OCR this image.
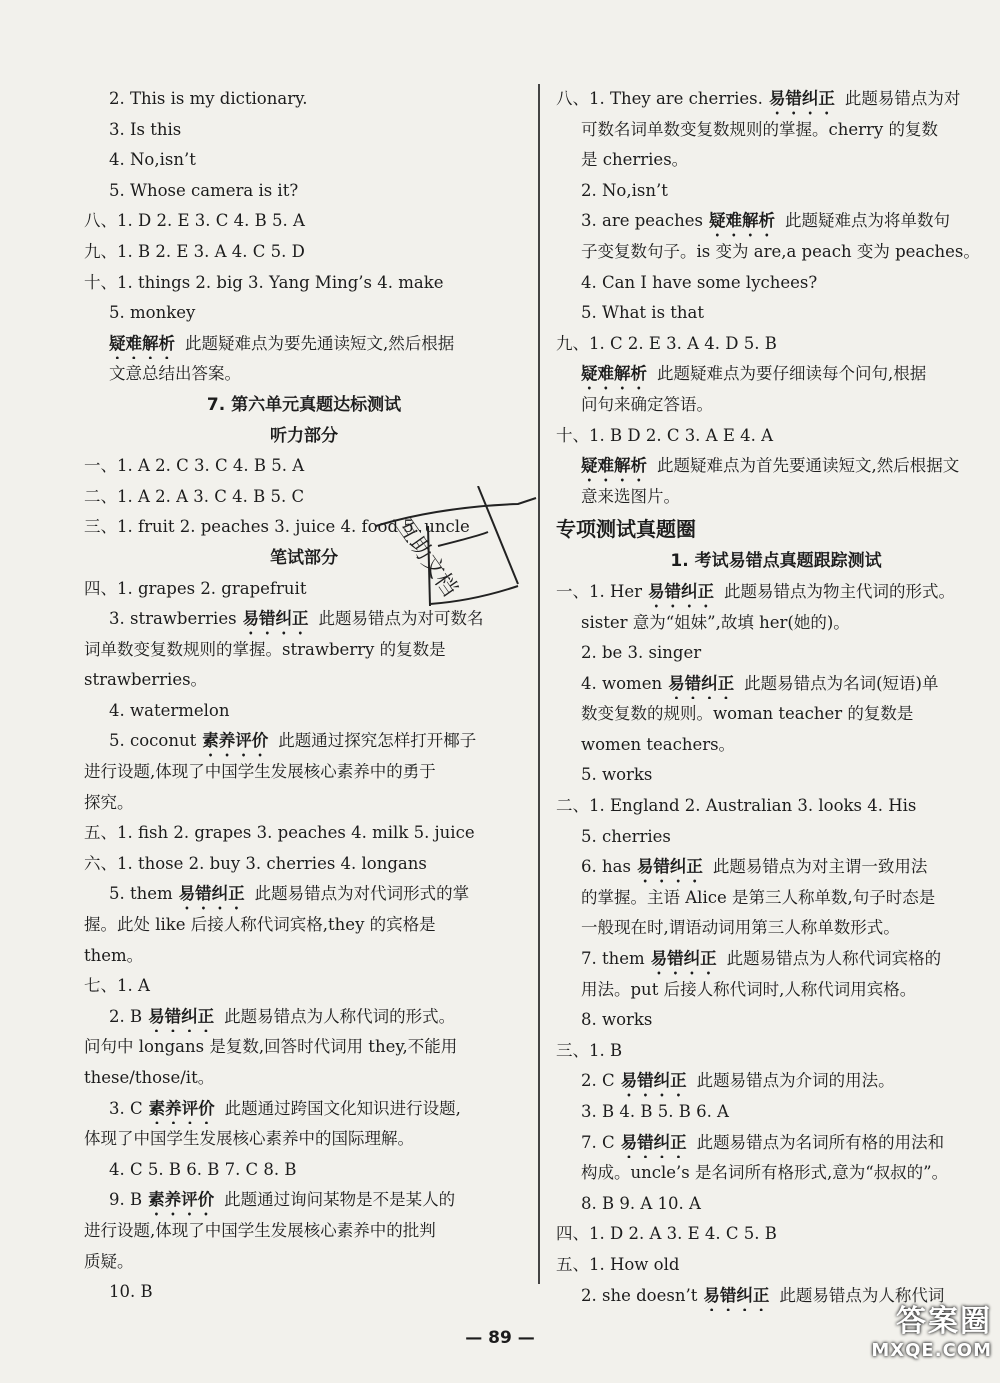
2. This is my dictionary.
3. Is this
4. No,isn’t
5. Whose camera is it?
八、1. D 2. E 3. C 4. B 5. A
九、1. B 2. E 3. A 4. C 5. D
十、1. things 2. big 3. Yang Ming’s 4. make
5. monkey
疑难解析 此题疑难点为要先通读短文,然后根据
文意总结出答案。
7. 第六单元真题达标测试
听力部分
一、1. A 2. C 3. C 4. B 5. A
二、1. A 2. A 3. C 4. B 5. C
三、1. fruit 2. peaches 3. juice 4. food 5. uncle
笔试部分
四、1. grapes 2. grapefruit
3. strawberries 易错纠正 此题易错点为对可数名
词单数变复数规则的掌握。strawberry 的复数是
strawberries。
4. watermelon
5. coconut 素养评价 此题通过探究怎样打开椰子
进行设题,体现了中国学生发展核心素养中的勇于
探究。
五、1. fish 2. grapes 3. peaches 4. milk 5. juice
六、1. those 2. buy 3. cherries 4. longans
5. them 易错纠正 此题易错点为对代词形式的掌
握。此处 like 后接人称代词宾格,they 的宾格是
them。
七、1. A
2. B 易错纠正 此题易错点为人称代词的形式。
问句中 longans 是复数,回答时代词用 they,不能用
these/those/it。
3. C 素养评价 此题通过跨国文化知识进行设题,
体现了中国学生发展核心素养中的国际理解。
4. C 5. B 6. B 7. C 8. B
9. B 素养评价 此题通过询问某物是不是某人的
进行设题,体现了中国学生发展核心素养中的批判
质疑。
10. B
八、1. They are cherries. 易错纠正 此题易错点为对
可数名词单数变复数规则的掌握。cherry 的复数
是 cherries。
2. No,isn’t
3. are peaches 疑难解析 此题疑难点为将单数句
子变复数句子。is 变为 are,a peach 变为 peaches。
4. Can I have some lychees?
5. What is that
九、1. C 2. E 3. A 4. D 5. B
疑难解析 此题疑难点为要仔细读每个问句,根据
问句来确定答语。
十、1. B D 2. C 3. A E 4. A
疑难解析 此题疑难点为首先要通读短文,然后根据文
意来选图片。
专项测试真题圈
1. 考试易错点真题跟踪测试
一、1. Her 易错纠正 此题易错点为物主代词的形式。
sister 意为“姐妹”,故填 her(她的)。
2. be 3. singer
4. women 易错纠正 此题易错点为名词(短语)单
数变复数的规则。woman teacher 的复数是
women teachers。
5. works
二、1. England 2. Australian 3. looks 4. His
5. cherries
6. has 易错纠正 此题易错点为对主谓一致用法
的掌握。主语 Alice 是第三人称单数,句子时态是
一般现在时,谓语动词用第三人称单数形式。
7. them 易错纠正 此题易错点为人称代词宾格的
用法。put 后接人称代词时,人称代词用宾格。
8. works
三、1. B
2. C 易错纠正 此题易错点为介词的用法。
3. B 4. B 5. B 6. A
7. C 易错纠正 此题易错点为名词所有格的用法和
构成。uncle’s 是名词所有格形式,意为“叔叔的”。
8. B 9. A 10. A
四、1. D 2. A 3. E 4. C 5. B
五、1. How old
2. she doesn’t 易错纠正 此题易错点为人称代词
互助文档
— 89 —	答案圈
MXQE.COM
